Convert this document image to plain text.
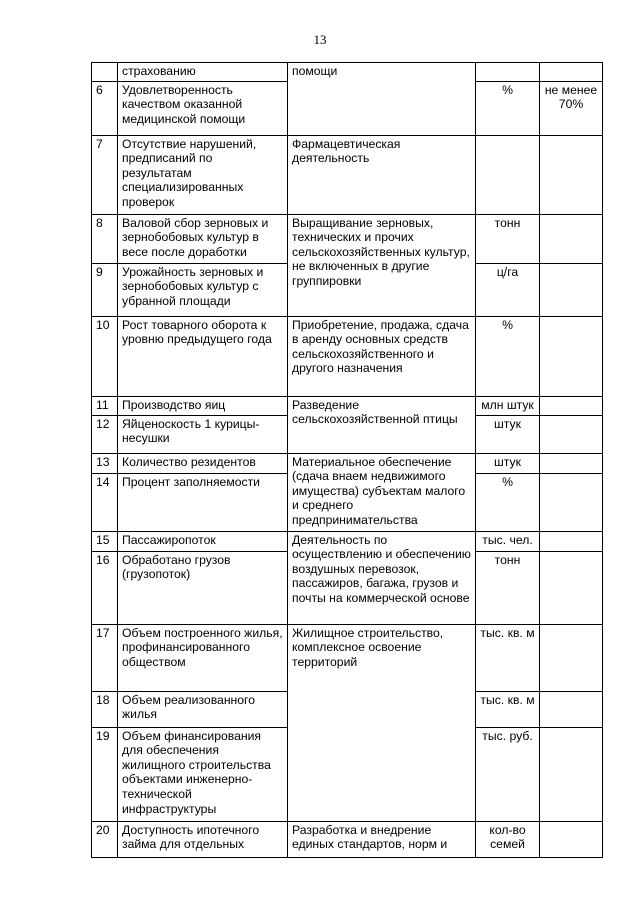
13
	страхованию	помощи		
6	Удовлетворенность качеством оказанной медицинской помощи		%	не менее 70%
7	Отсутствие нарушений, предписаний по результатам специализированных проверок	Фармацевтическая деятельность		
8	Валовой сбор зерновых и зернобобовых культур в весе после доработки	Выращивание зерновых, технических и прочих сельскохозяйственных культур, не включенных в другие группировки	тонн	
9	Урожайность зерновых и зернобобовых культур с убранной площади		ц/га	
10	Рост товарного оборота к уровню предыдущего года	Приобретение, продажа, сдача в аренду основных средств сельскохозяйственного и другого назначения	%	
11	Производство яиц	Разведение сельскохозяйственной птицы	млн штук	
12	Яйценоскость 1 курицы-несушки		штук	
13	Количество резидентов	Материальное обеспечение (сдача внаем недвижимого имущества) субъектам малого и среднего предпринимательства	штук	
14	Процент заполняемости		%	
15	Пассажиропоток	Деятельность по осуществлению и обеспечению воздушных перевозок, пассажиров, багажа, грузов и почты на коммерческой основе	тыс. чел.	
16	Обработано грузов (грузопоток)		тонн	
17	Объем построенного жилья, профинансированного обществом	Жилищное строительство, комплексное освоение территорий	тыс. кв. м	
18	Объем реализованного жилья		тыс. кв. м	
19	Объем финансирования для обеспечения жилищного строительства объектами инженерно-технической инфраструктуры		тыс. руб.	
20	Доступность ипотечного займа для отдельных	Разработка и внедрение единых стандартов, норм и	кол-во семей	
